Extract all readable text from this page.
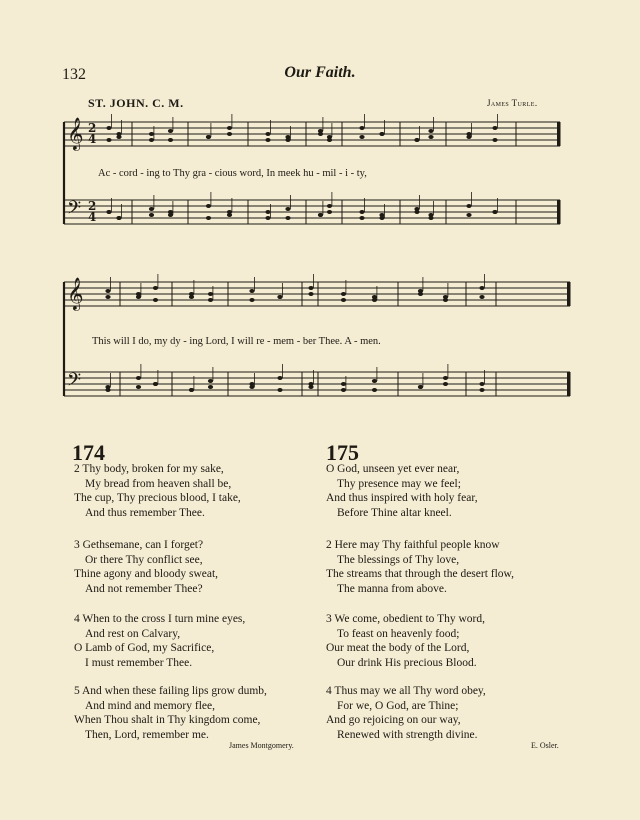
132	Our Faith.
ST. JOHN. C. M.	James Turle.
𝄞
𝄢
2
2
4
4
𝄞
𝄢
Ac - cord - ing to Thy gra - cious word, In meek hu - mil - i - ty,
This will I do, my dy - ing Lord, I will re - mem - ber Thee. A - men.
174	175
2 Thy body, broken for my sake,
My bread from heaven shall be,
The cup, Thy precious blood, I take,
And thus remember Thee.
3 Gethsemane, can I forget?
Or there Thy conflict see,
Thine agony and bloody sweat,
And not remember Thee?
4 When to the cross I turn mine eyes,
And rest on Calvary,
O Lamb of God, my Sacrifice,
I must remember Thee.
5 And when these failing lips grow dumb,
And mind and memory flee,
When Thou shalt in Thy kingdom come,
Then, Lord, remember me.
James Montgomery.
O God, unseen yet ever near,
Thy presence may we feel;
And thus inspired with holy fear,
Before Thine altar kneel.
2 Here may Thy faithful people know
The blessings of Thy love,
The streams that through the desert flow,
The manna from above.
3 We come, obedient to Thy word,
To feast on heavenly food;
Our meat the body of the Lord,
Our drink His precious Blood.
4 Thus may we all Thy word obey,
For we, O God, are Thine;
And go rejoicing on our way,
Renewed with strength divine.
E. Osler.
